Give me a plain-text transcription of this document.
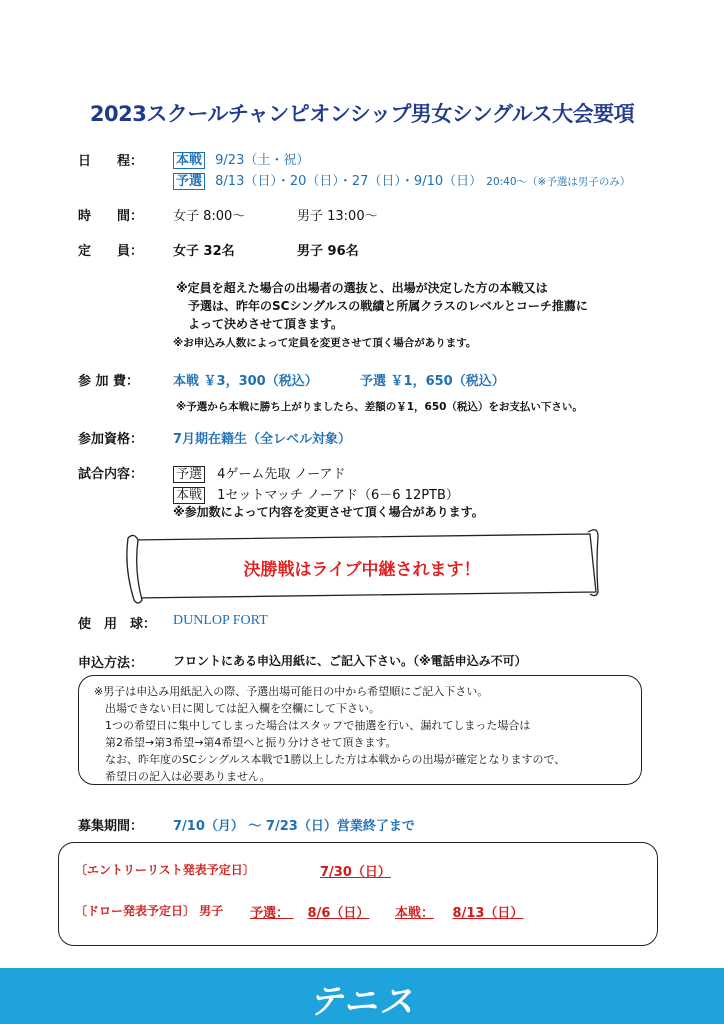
2023スクールチャンピオンシップ男女シングルス大会要項
日　　程：	本戦 9/23（土・祝）
予選 8/13（日）・20（日）・27（日）・9/10（日） 20:40～（※予選は男子のみ）
時　　間： 女子 8:00～	男子 13:00～
定　　員： 女子 32名	男子 96名
※定員を超えた場合の出場者の選抜と、出場が決定した方の本戦又は
予選は、昨年のSCシングルスの戦績と所属クラスのレベルとコーチ推薦に
よって決めさせて頂きます。
※お申込み人数によって定員を変更させて頂く場合があります。
参 加 費：	本戦 ￥3，300（税込）	予選 ￥1，650（税込）
※予選から本戦に勝ち上がりましたら、差額の￥1，650（税込）をお支払い下さい。
参加資格： 7月期在籍生（全レベル対象）
試合内容：	予選 4ゲーム先取 ノーアド
本戦 1セットマッチ ノーアド（6－6 12PTB）
※参加数によって内容を変更させて頂く場合があります。
決勝戦はライブ中継されます！
使　用　球： DUNLOP FORT
申込方法： フロントにある申込用紙に、ご記入下さい。（※電話申込み不可）
※男子は申込み用紙記入の際、予選出場可能日の中から希望順にご記入下さい。
出場できない日に関しては記入欄を空欄にして下さい。
1つの希望日に集中してしまった場合はスタッフで抽選を行い、漏れてしまった場合は
第2希望→第3希望→第4希望へと振り分けさせて頂きます。
なお、昨年度のSCシングルス本戦で1勝以上した方は本戦からの出場が確定となりますので、
希望日の記入は必要ありません。
募集期間： 7/10（月） ～ 7/23（日）営業終了まで
〔エントリーリスト発表予定日〕	7/30（日）
〔ドロー発表予定日〕 男子 予選： 8/6（日） 本戦： 8/13（日）
テニス
